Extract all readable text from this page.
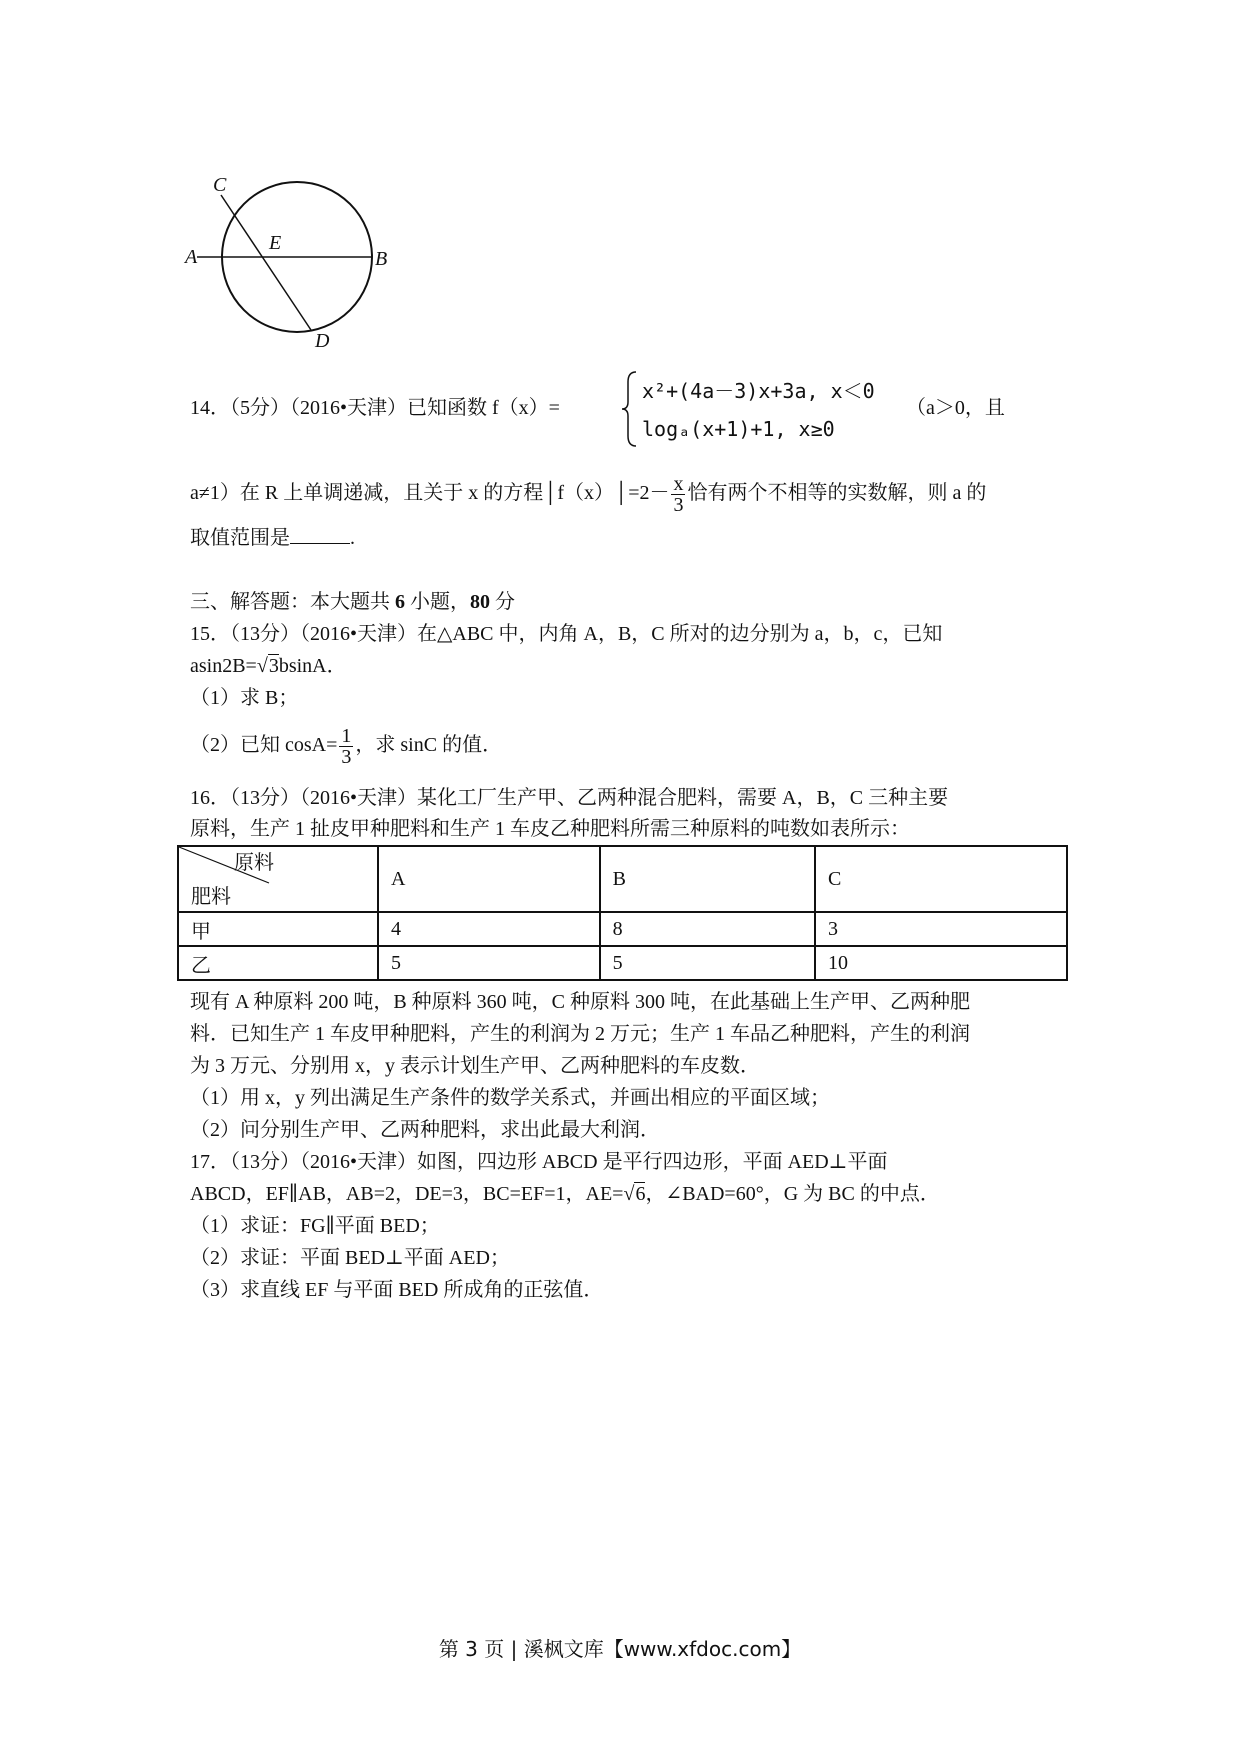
C
A
E
B
D
14．（5分）（2016•天津）已知函数 f（x）=
x²+(4a－3)x+3a, x＜0
logₐ(x+1)+1, x≥0
（a＞0，且
a≠1）在 R 上单调递减，且关于 x 的方程│f（x）│=2－ $\frac{x}{3}$ 恰有两个不相等的实数解，则 a 的
取值范围是	.
三、解答题：本大题共 6 小题，80 分
15．（13分）（2016•天津）在△ABC 中，内角 A，B，C 所对的边分别为 a，b，c，已知
asin2B=√3bsinA．
（1）求 B；
（2）已知 $\cos A= \frac{1}{3}$ ，求 sinC 的值．
16．（13分）（2016•天津）某化工厂生产甲、乙两种混合肥料，需要 A，B，C 三种主要
原料，生产 1 扯皮甲种肥料和生产 1 车皮乙种肥料所需三种原料的吨数如表所示：
原料
肥料	A	B	C
甲	4	8	3
乙	5	5	10
现有 A 种原料 200 吨，B 种原料 360 吨，C 种原料 300 吨，在此基础上生产甲、乙两种肥
料．已知生产 1 车皮甲种肥料，产生的利润为 2 万元；生产 1 车品乙种肥料，产生的利润
为 3 万元、分别用 x，y 表示计划生产甲、乙两种肥料的车皮数．
（1）用 x，y 列出满足生产条件的数学关系式，并画出相应的平面区域；
（2）问分别生产甲、乙两种肥料，求出此最大利润．
17．（13分）（2016•天津）如图，四边形 ABCD 是平行四边形，平面 AED⊥平面
ABCD，EF∥AB，AB=2，DE=3，BC=EF=1，AE=√6，∠BAD=60°，G 为 BC 的中点．
（1）求证：FG∥平面 BED；
（2）求证：平面 BED⊥平面 AED；
（3）求直线 EF 与平面 BED 所成角的正弦值．
第 3 页 | 溪枫文库【www.xfdoc.com】
